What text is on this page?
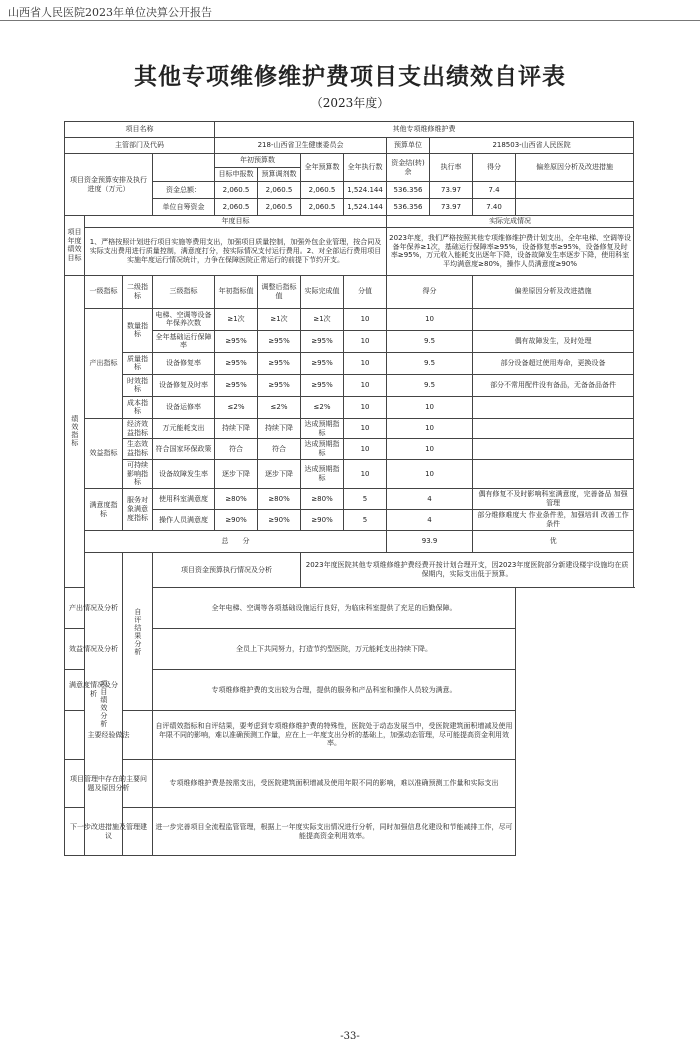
山西省人民医院2023年单位决算公开报告
其他专项维修维护费项目支出绩效自评表
（2023年度）
项目名称				其他专项维修维护费							
主管部门及代码				218-山西省卫生健康委员会				预算单位	218503-山西省人民医院		
项目资金预算安排及执行进度（万元）				年初预算数		全年预算数	全年执行数	资金结(转)余	执行率	得分	偏差原因分析及改进措施
				目标申报数	预算调剂数						
			资金总额：	2,060.5	2,060.5	2,060.5	1,524.144	536.356	73.97	7.4	
			单位自筹资金	2,060.5	2,060.5	2,060.5	1,524.144	536.356	73.97	7.40	
项目年度绩效目标	年度目标							实际完成情况			
	1、严格按照计划进行项目实施等费用支出，加强项目质量控制，加强外包企业管理，按合同及实际支出费用进行质量控制，满意度打分，按实际情况支付运行费用。2、对全部运行费用项目实施年度运行情况统计，力争在保障医院正常运行的前提下节约开支。							2023年度，我们严格按照其他专项维修维护费计划支出，全年电梯、空调等设备年保养≥1次，基础运行保障率≥95%，设备修复率≥95%，设备修复及时率≥95%，万元收入能耗支出逐年下降，设备故障发生率逐步下降，使用科室平均满意度≥80%，操作人员满意度≥90%			
绩效指标	一级指标	二级指标	三级指标	年初指标值	调整后指标值	实际完成值	分值	得分		偏差原因分析及改进措施	
	产出指标	数量指标	电梯、空调等设备年保养次数	≥1次	≥1次	≥1次	10	10			
			全年基础运行保障率	≥95%	≥95%	≥95%	10	9.5		偶有故障发生，及时处理	
		质量指标	设备修复率	≥95%	≥95%	≥95%	10	9.5		部分设备超过使用寿命，更换设备	
		时效指标	设备修复及时率	≥95%	≥95%	≥95%	10	9.5		部分不常用配件没有备品，无备备品备件	
		成本指标	设备运修率	≤2%	≤2%	≤2%	10	10			
	效益指标	经济效益指标	万元能耗支出	持续下降	持续下降	达成预期指标	10	10			
		生态效益指标	符合国家环保政策	符合	符合	达成预期指标	10	10			
		可持续影响指标	设备故障发生率	逐步下降	逐步下降	达成预期指标	10	10			
	满意度指标	服务对象满意度指标	使用科室满意度	≥80%	≥80%	≥80%	5	4		偶有修复不及时影响科室满意度，完善备品 加强管理	
			操作人员满意度	≥90%	≥90%	≥90%	5	4		部分维修难度大 作业条件差，加强培训 改善工作条件	
	总　　分							93.9		优	
	项目绩效分析	自评结果分析	项目资金预算执行情况及分析			2023年度医院其他专项维修维护费经费开按计划合理开支，因2023年度医院部分新建设楼宇设施均在质保期内，实际支出低于预算。					
产出情况及分析			全年电梯、空调等各项基础设施运行良好，为临床科室提供了充足的后勤保障。								
效益情况及分析			全员上下共同努力，打造节约型医院，万元能耗支出持续下降。								
满意度情况及分析			专项维修维护费的支出较为合理，提供的服务和产品科室和操作人员较为满意。								
主要经验做法			自评绩效指标和自评结果，要考虑到专项维修维护费的特殊性，医院处于动态发展当中，受医院建筑面积增减及使用年限不同的影响，难以准确预测工作量，应在上一年度支出分析的基础上，加强动态管理，尽可能提高资金利用效率。								
项目管理中存在的主要问题及原因分析			专项维修维护费是按需支出，受医院建筑面积增减及使用年限不同的影响，难以准确预测工作量和实际支出								
下一步改进措施及管理建议			进一步完善项目全流程监管管理，根据上一年度实际支出情况进行分析，同时加强信息化建设和节能减排工作，尽可能提高资金利用效率。								
-33-
